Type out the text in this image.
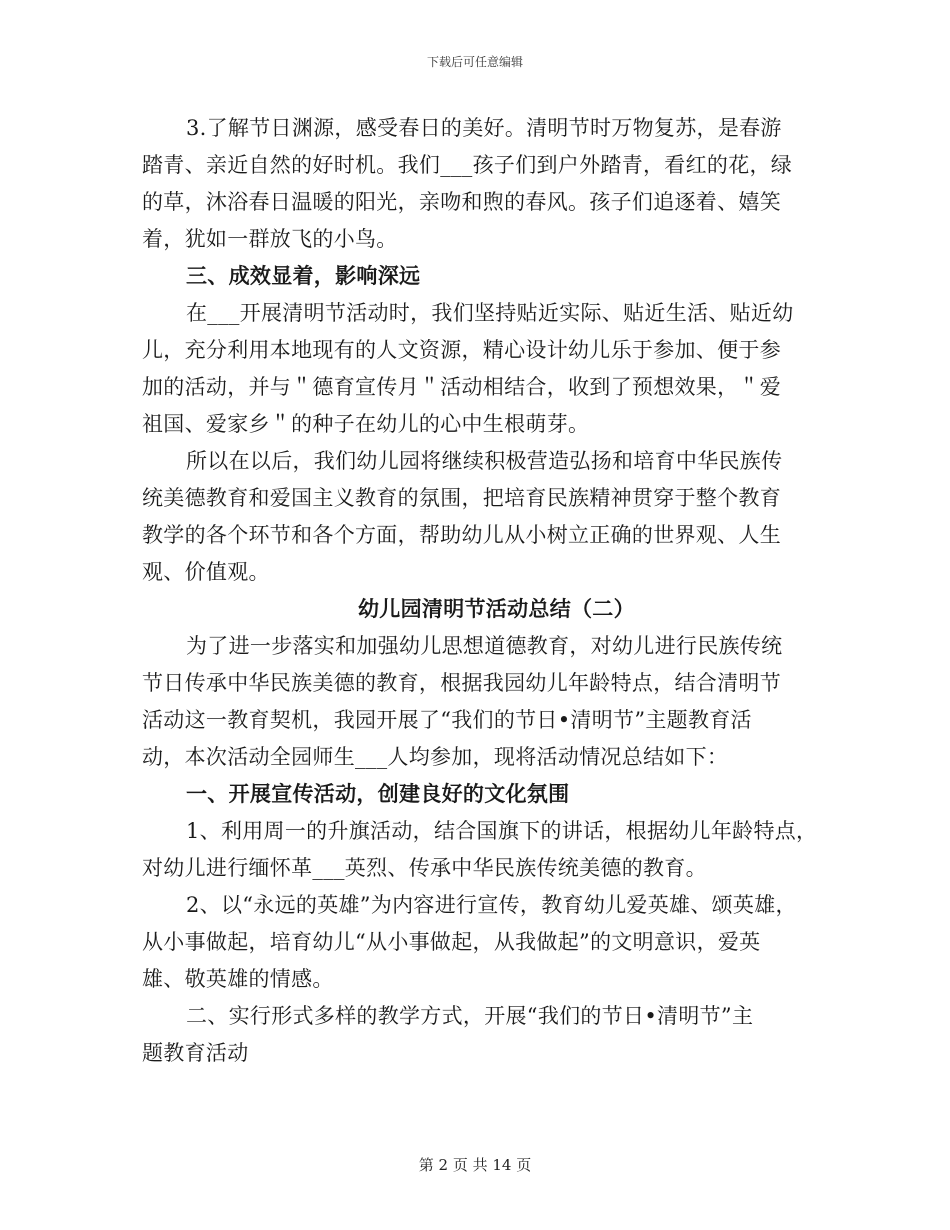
下载后可任意编辑
3.了解节日渊源，感受春日的美好。清明节时万物复苏，是春游
踏青、亲近自然的好时机。我们___孩子们到户外踏青，看红的花，绿
的草，沐浴春日温暖的阳光，亲吻和煦的春风。孩子们追逐着、嬉笑
着，犹如一群放飞的小鸟。
三、成效显着，影响深远
在___开展清明节活动时，我们坚持贴近实际、贴近生活、贴近幼
儿，充分利用本地现有的人文资源，精心设计幼儿乐于参加、便于参
加的活动，并与＂德育宣传月＂活动相结合，收到了预想效果，＂爱
祖国、爱家乡＂的种子在幼儿的心中生根萌芽。
所以在以后，我们幼儿园将继续积极营造弘扬和培育中华民族传
统美德教育和爱国主义教育的氛围，把培育民族精神贯穿于整个教育
教学的各个环节和各个方面，帮助幼儿从小树立正确的世界观、人生
观、价值观。
幼儿园清明节活动总结（二）
为了进一步落实和加强幼儿思想道德教育，对幼儿进行民族传统
节日传承中华民族美德的教育，根据我园幼儿年龄特点，结合清明节
活动这一教育契机，我园开展了“我们的节日•清明节”主题教育活
动，本次活动全园师生___人均参加，现将活动情况总结如下：
一、开展宣传活动，创建良好的文化氛围
1、利用周一的升旗活动，结合国旗下的讲话，根据幼儿年龄特点，
对幼儿进行缅怀革___英烈、传承中华民族传统美德的教育。
2、以“永远的英雄”为内容进行宣传，教育幼儿爱英雄、颂英雄，
从小事做起，培育幼儿“从小事做起，从我做起”的文明意识，爱英
雄、敬英雄的情感。
二、实行形式多样的教学方式，开展“我们的节日•清明节”主
题教育活动
第 2 页 共 14 页
